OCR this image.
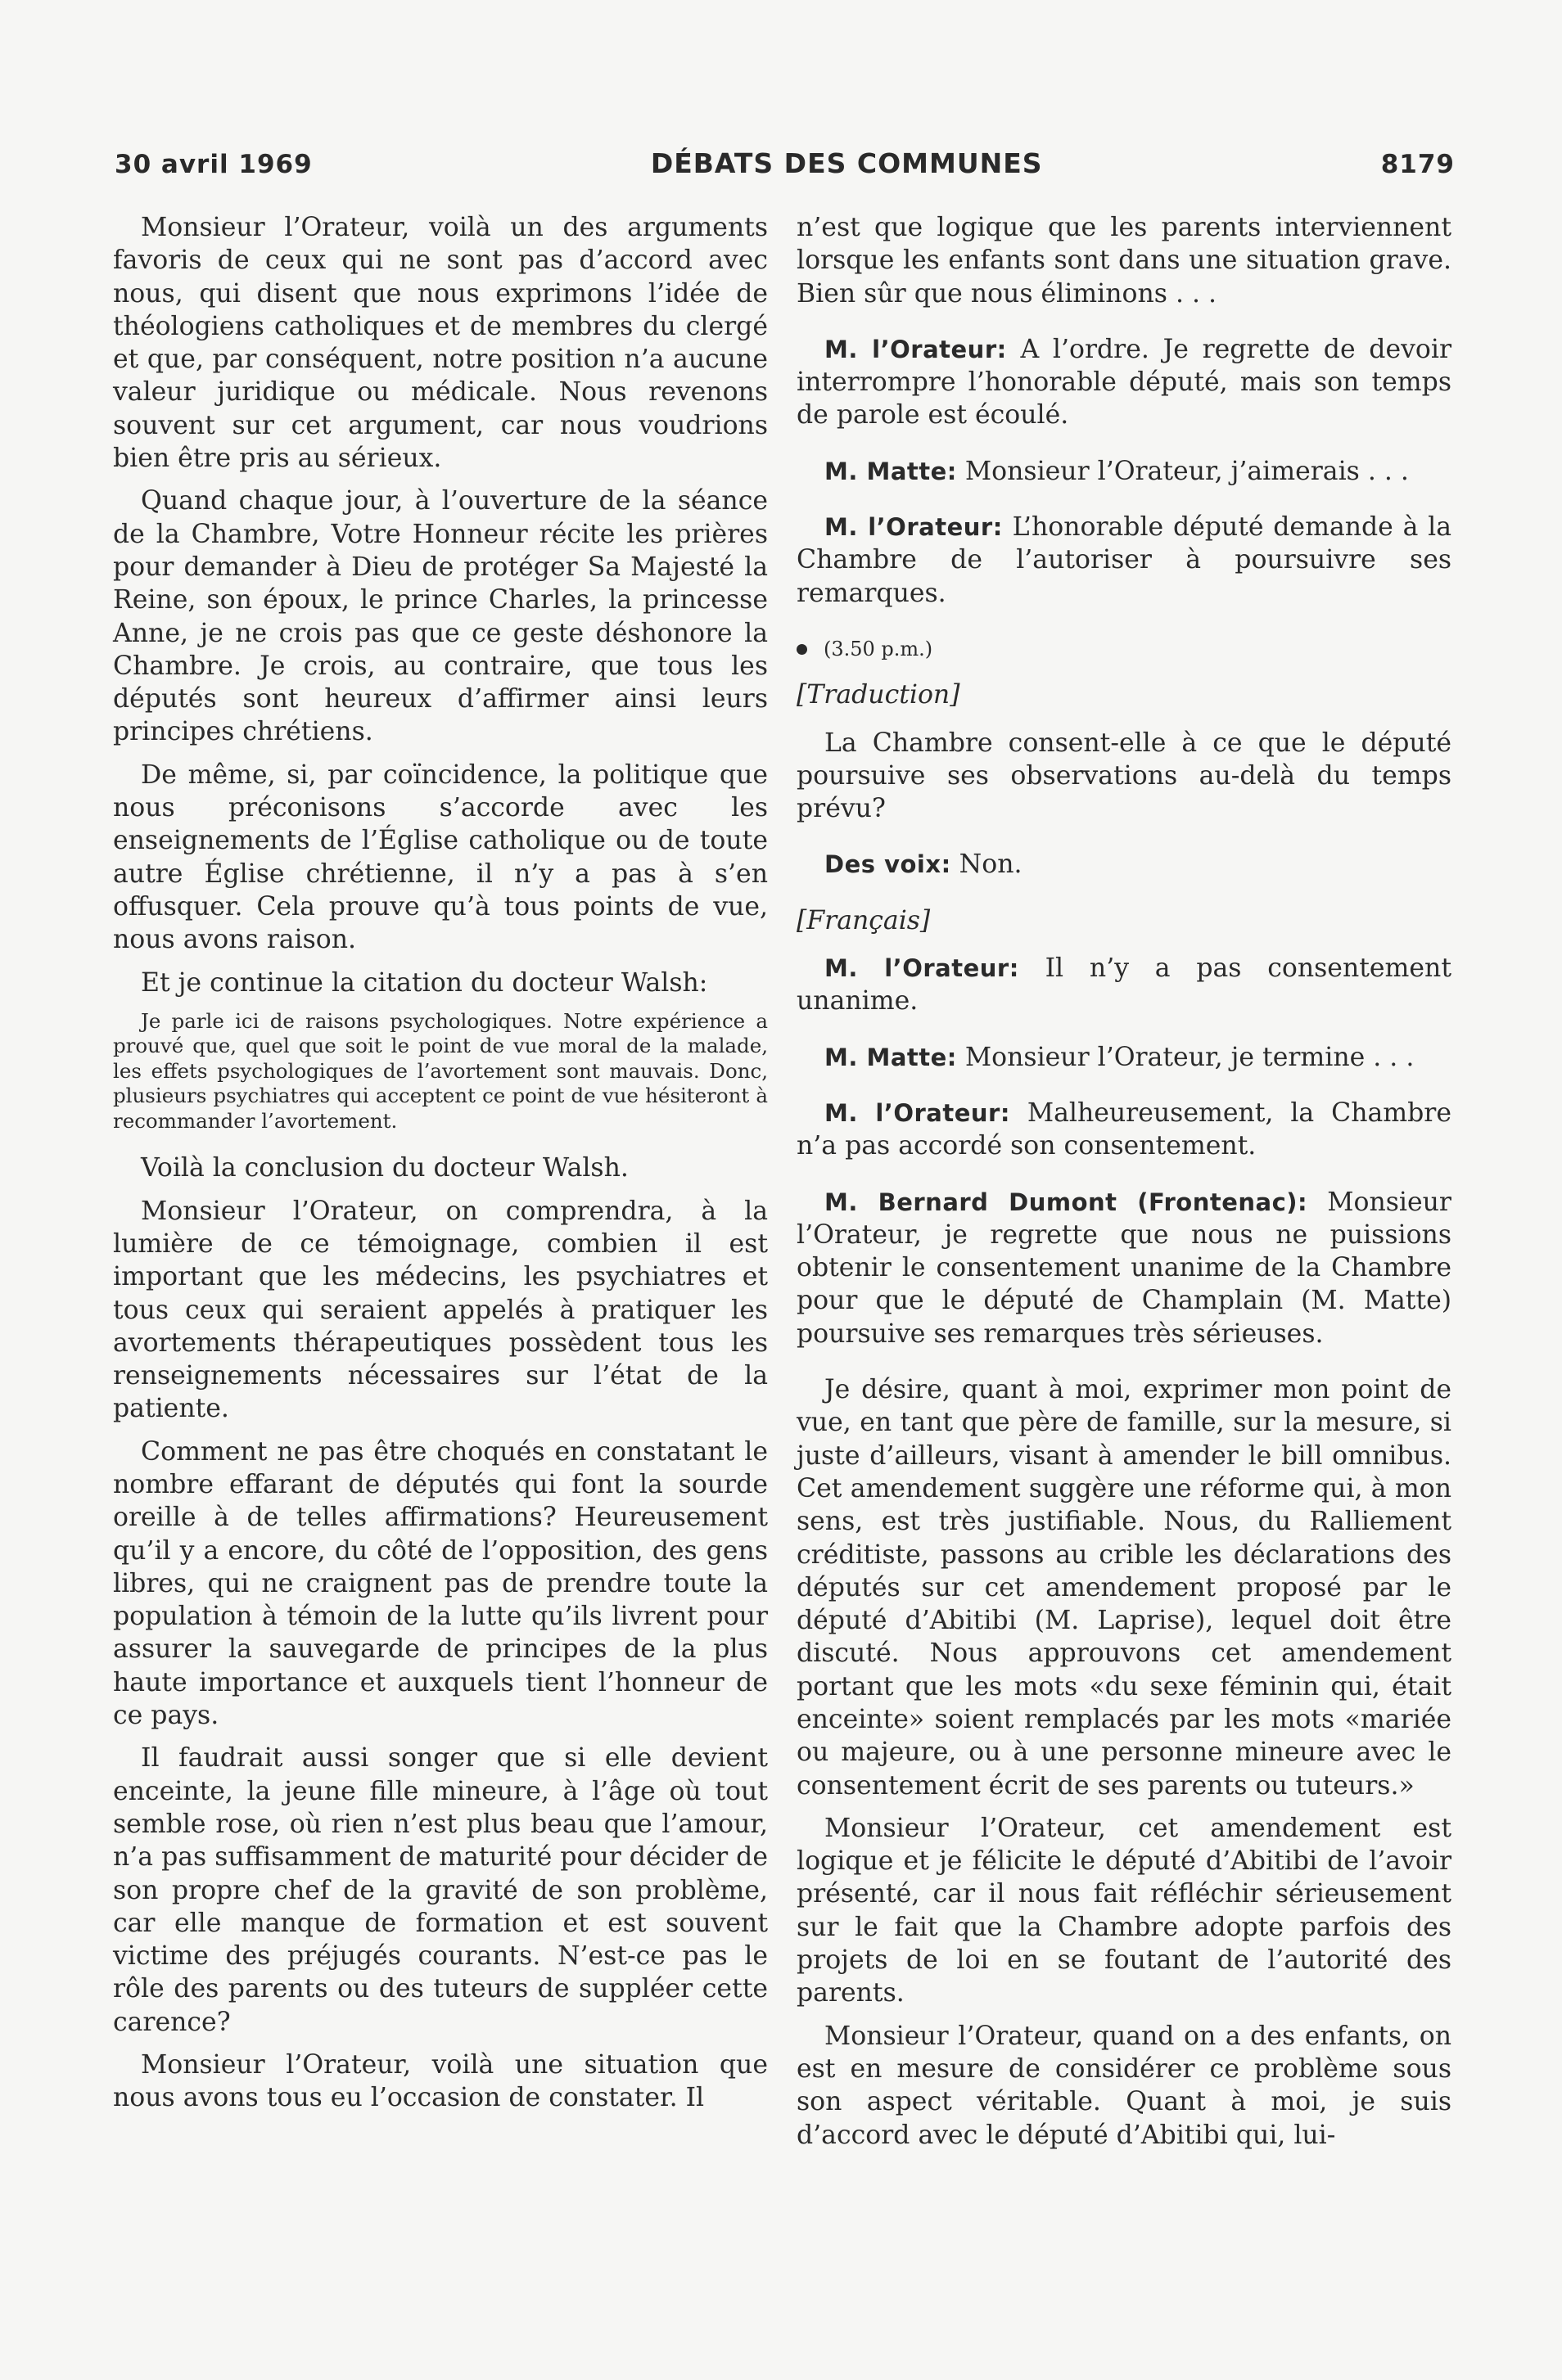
30 avril 1969	DÉBATS DES COMMUNES	8179

Monsieur l’Orateur, voilà un des arguments favoris de ceux qui ne sont pas d’accord avec nous, qui disent que nous exprimons l’idée de théologiens catholiques et de membres du clergé et que, par conséquent, notre position n’a aucune valeur juridique ou médicale. Nous revenons souvent sur cet argument, car nous voudrions bien être pris au sérieux.

Quand chaque jour, à l’ouverture de la séance de la Chambre, Votre Honneur récite les prières pour demander à Dieu de protéger Sa Majesté la Reine, son époux, le prince Charles, la princesse Anne, je ne crois pas que ce geste déshonore la Chambre. Je crois, au contraire, que tous les députés sont heureux d’affirmer ainsi leurs principes chrétiens.

De même, si, par coïncidence, la politique que nous préconisons s’accorde avec les enseignements de l’Église catholique ou de toute autre Église chrétienne, il n’y a pas à s’en offusquer. Cela prouve qu’à tous points de vue, nous avons raison.

Et je continue la citation du docteur Walsh:

Je parle ici de raisons psychologiques. Notre expérience a prouvé que, quel que soit le point de vue moral de la malade, les effets psychologiques de l’avortement sont mauvais. Donc, plusieurs psychiatres qui acceptent ce point de vue hésiteront à recommander l’avortement.

Voilà la conclusion du docteur Walsh.

Monsieur l’Orateur, on comprendra, à la lumière de ce témoignage, combien il est important que les médecins, les psychiatres et tous ceux qui seraient appelés à pratiquer les avortements thérapeutiques possèdent tous les renseignements nécessaires sur l’état de la patiente.

Comment ne pas être choqués en constatant le nombre effarant de députés qui font la sourde oreille à de telles affirmations? Heureusement qu’il y a encore, du côté de l’opposition, des gens libres, qui ne craignent pas de prendre toute la population à témoin de la lutte qu’ils livrent pour assurer la sauvegarde de principes de la plus haute importance et auxquels tient l’honneur de ce pays.

Il faudrait aussi songer que si elle devient enceinte, la jeune fille mineure, à l’âge où tout semble rose, où rien n’est plus beau que l’amour, n’a pas suffisamment de maturité pour décider de son propre chef de la gravité de son problème, car elle manque de formation et est souvent victime des préjugés courants. N’est-ce pas le rôle des parents ou des tuteurs de suppléer cette carence?

Monsieur l’Orateur, voilà une situation que nous avons tous eu l’occasion de constater. Il

n’est que logique que les parents interviennent lorsque les enfants sont dans une situation grave. Bien sûr que nous éliminons . . .

M. l’Orateur: A l’ordre. Je regrette de devoir interrompre l’honorable député, mais son temps de parole est écoulé.

M. Matte: Monsieur l’Orateur, j’aimerais . . .

M. l’Orateur: L’honorable député demande à la Chambre de l’autoriser à poursuivre ses remarques.

(3.50 p.m.)

[Traduction]

La Chambre consent-elle à ce que le député poursuive ses observations au-delà du temps prévu?

Des voix: Non.

[Français]

M. l’Orateur: Il n’y a pas consentement unanime.

M. Matte: Monsieur l’Orateur, je termine . . .

M. l’Orateur: Malheureusement, la Chambre n’a pas accordé son consentement.

M. Bernard Dumont (Frontenac): Monsieur l’Orateur, je regrette que nous ne puissions obtenir le consentement unanime de la Chambre pour que le député de Champlain (M. Matte) poursuive ses remarques très sérieuses.

Je désire, quant à moi, exprimer mon point de vue, en tant que père de famille, sur la mesure, si juste d’ailleurs, visant à amender le bill omnibus. Cet amendement suggère une réforme qui, à mon sens, est très justifiable. Nous, du Ralliement créditiste, passons au crible les déclarations des députés sur cet amendement proposé par le député d’Abitibi (M. Laprise), lequel doit être discuté. Nous approuvons cet amendement portant que les mots «du sexe féminin qui, était enceinte» soient remplacés par les mots «mariée ou majeure, ou à une personne mineure avec le consentement écrit de ses parents ou tuteurs.»

Monsieur l’Orateur, cet amendement est logique et je félicite le député d’Abitibi de l’avoir présenté, car il nous fait réfléchir sérieusement sur le fait que la Chambre adopte parfois des projets de loi en se foutant de l’autorité des parents.

Monsieur l’Orateur, quand on a des enfants, on est en mesure de considérer ce problème sous son aspect véritable. Quant à moi, je suis d’accord avec le député d’Abitibi qui, lui-
